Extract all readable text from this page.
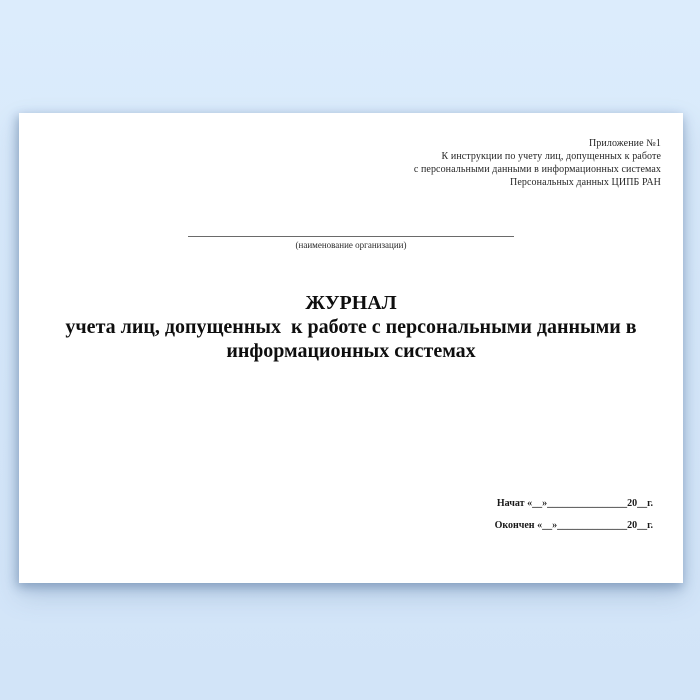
Приложение №1
К инструкции по учету лиц, допущенных к работе
с персональными данными в информационных системах
Персональных данных ЦИПБ РАН
(наименование организации)
ЖУРНАЛ
учета лиц, допущенных  к работе с персональными данными в
информационных системах
Начат «__»________________20__г.
Окончен «__»______________20__г.
